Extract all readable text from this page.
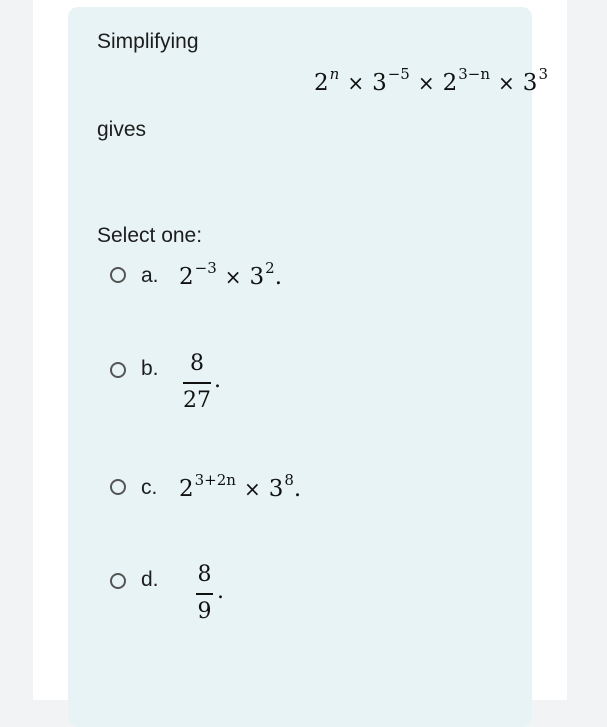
Simplifying
$2^n \times 3^{-5} \times 2^{3-n} \times 3^3$
gives
Select one:
a. $2^{-3} \times 3^2$.
b.	8
27
.
c. $2^{3+2n} \times 3^8$.
d. 8
9
.
